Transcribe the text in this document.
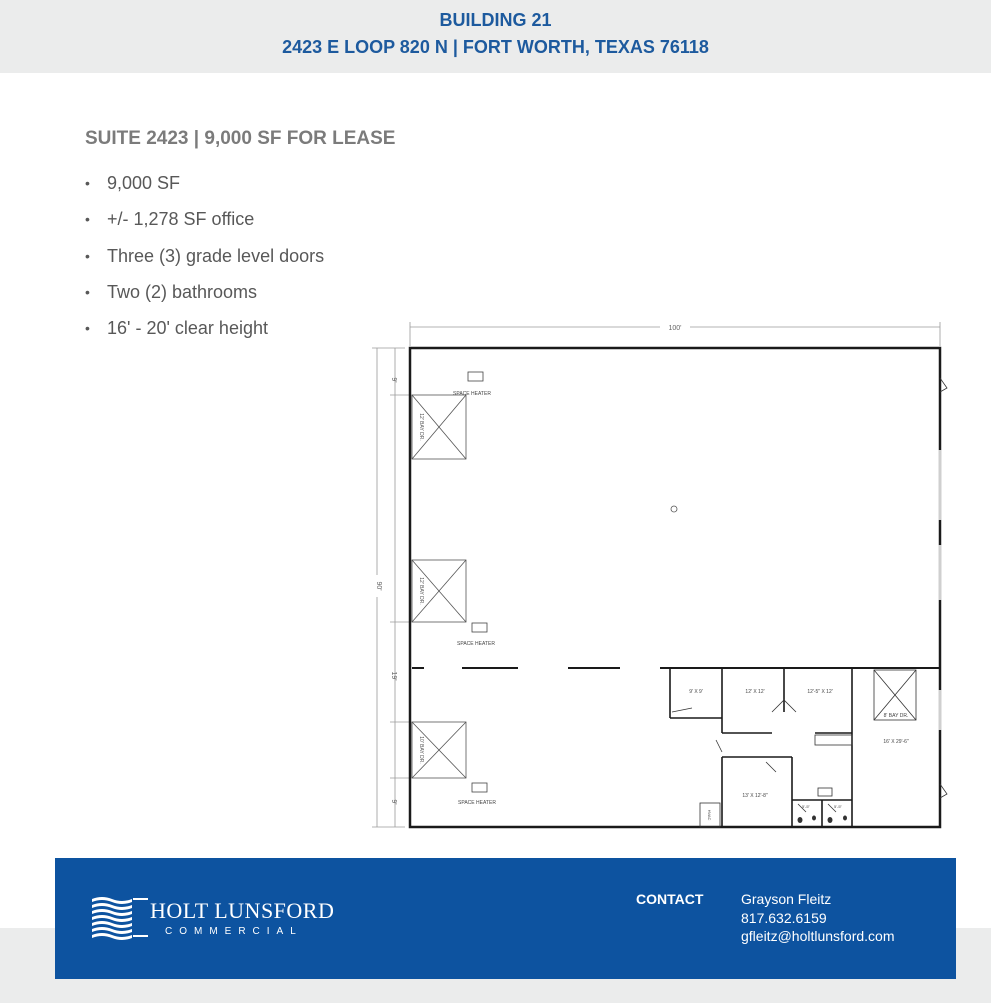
BUILDING 21
2423 E LOOP 820 N | FORT WORTH, TEXAS 76118
SUITE 2423 | 9,000 SF FOR LEASE
• 9,000 SF
• +/- 1,278 SF office
• Three (3) grade level doors
• Two (2) bathrooms
• 16' - 20' clear height	100'
90'
9'
19'
9'
12' BAY DR.
12' BAY DR.
10' BAY DR.
SPACE HEATER
SPACE HEATER
SPACE HEATER
9' X 9'	12' X 12'	12'-5" X 12'
8' BAY DR.
16' X 29'-6"
13' X 12'-8"
5'-5"	5'-5"
HVAC
HOLT LUNSFORD
COMMERCIAL
CONTACT	Grayson Fleitz
817.632.6159
gfleitz@holtlunsford.com
